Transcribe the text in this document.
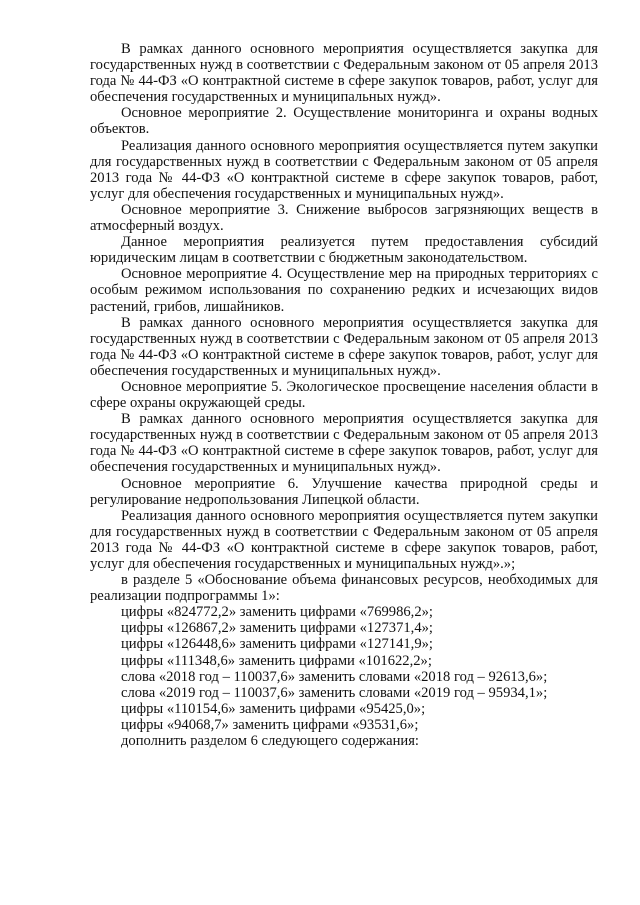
В рамках данного основного мероприятия осуществляется закупка для государственных нужд в соответствии с Федеральным законом от 05 апреля 2013 года № 44-ФЗ «О контрактной системе в сфере закупок товаров, работ, услуг для обеспечения государственных и муниципальных нужд».

Основное мероприятие 2. Осуществление мониторинга и охраны водных объектов.

Реализация данного основного мероприятия осуществляется путем закупки для государственных нужд в соответствии с Федеральным законом от 05 апреля 2013 года № 44-ФЗ «О контрактной системе в сфере закупок товаров, работ, услуг для обеспечения государственных и муниципальных нужд».

Основное мероприятие 3. Снижение выбросов загрязняющих веществ в атмосферный воздух.

Данное мероприятия реализуется путем предоставления субсидий юридическим лицам в соответствии с бюджетным законодательством.

Основное мероприятие 4. Осуществление мер на природных территориях с особым режимом использования по сохранению редких и исчезающих видов растений, грибов, лишайников.

В рамках данного основного мероприятия осуществляется закупка для государственных нужд в соответствии с Федеральным законом от 05 апреля 2013 года № 44-ФЗ «О контрактной системе в сфере закупок товаров, работ, услуг для обеспечения государственных и муниципальных нужд».

Основное мероприятие 5. Экологическое просвещение населения области в сфере охраны окружающей среды.

В рамках данного основного мероприятия осуществляется закупка для государственных нужд в соответствии с Федеральным законом от 05 апреля 2013 года № 44-ФЗ «О контрактной системе в сфере закупок товаров, работ, услуг для обеспечения государственных и муниципальных нужд».

Основное мероприятие 6. Улучшение качества природной среды и регулирование недропользования Липецкой области.

Реализация данного основного мероприятия осуществляется путем закупки для государственных нужд в соответствии с Федеральным законом от 05 апреля 2013 года № 44-ФЗ «О контрактной системе в сфере закупок товаров, работ, услуг для обеспечения государственных и муниципальных нужд».»;

в разделе 5 «Обоснование объема финансовых ресурсов, необходимых для реализации подпрограммы 1»:

цифры «824772,2» заменить цифрами «769986,2»;

цифры «126867,2» заменить цифрами «127371,4»;

цифры «126448,6» заменить цифрами «127141,9»;

цифры «111348,6» заменить цифрами «101622,2»;

слова «2018 год – 110037,6» заменить словами «2018 год – 92613,6»;

слова «2019 год – 110037,6» заменить словами «2019 год – 95934,1»;

цифры «110154,6» заменить цифрами «95425,0»;

цифры «94068,7» заменить цифрами «93531,6»;

дополнить разделом 6 следующего содержания:
